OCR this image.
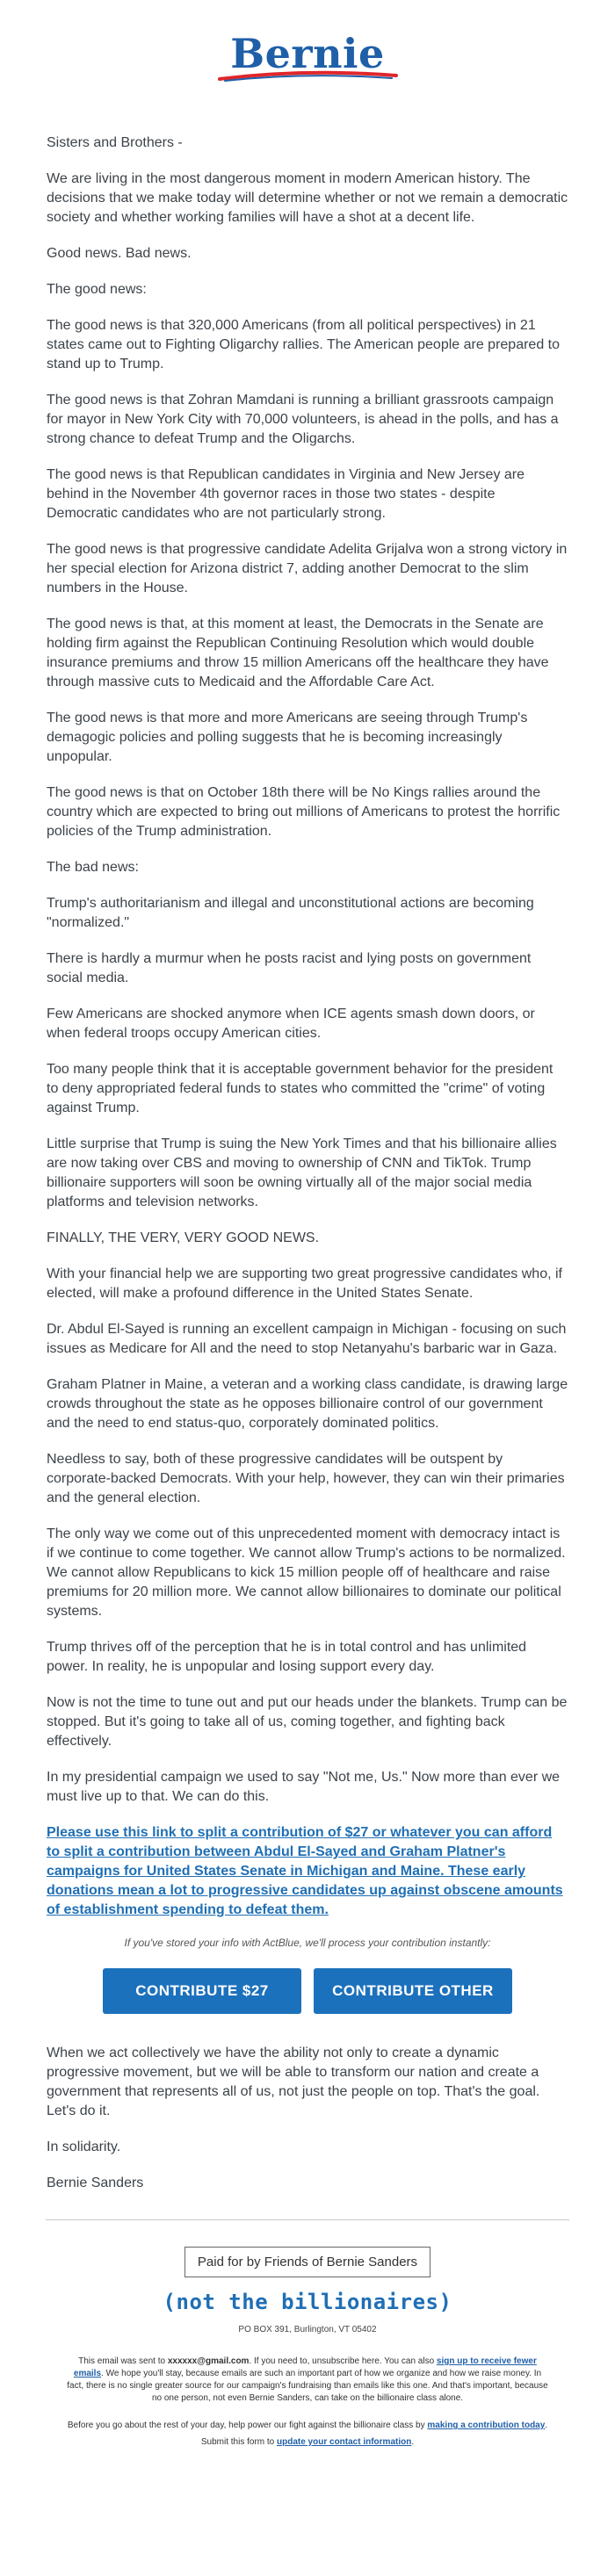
Bernie

Sisters and Brothers -

We are living in the most dangerous moment in modern American history. The decisions that we make today will determine whether or not we remain a democratic society and whether working families will have a shot at a decent life.

Good news. Bad news.

The good news:

The good news is that 320,000 Americans (from all political perspectives) in 21 states came out to Fighting Oligarchy rallies. The American people are prepared to stand up to Trump.

The good news is that Zohran Mamdani is running a brilliant grassroots campaign for mayor in New York City with 70,000 volunteers, is ahead in the polls, and has a strong chance to defeat Trump and the Oligarchs.

The good news is that Republican candidates in Virginia and New Jersey are behind in the November 4th governor races in those two states - despite Democratic candidates who are not particularly strong.

The good news is that progressive candidate Adelita Grijalva won a strong victory in her special election for Arizona district 7, adding another Democrat to the slim numbers in the House.

The good news is that, at this moment at least, the Democrats in the Senate are holding firm against the Republican Continuing Resolution which would double insurance premiums and throw 15 million Americans off the healthcare they have through massive cuts to Medicaid and the Affordable Care Act.

The good news is that more and more Americans are seeing through Trump's demagogic policies and polling suggests that he is becoming increasingly unpopular.

The good news is that on October 18th there will be No Kings rallies around the country which are expected to bring out millions of Americans to protest the horrific policies of the Trump administration.

The bad news:

Trump's authoritarianism and illegal and unconstitutional actions are becoming "normalized."

There is hardly a murmur when he posts racist and lying posts on government social media.

Few Americans are shocked anymore when ICE agents smash down doors, or when federal troops occupy American cities.

Too many people think that it is acceptable government behavior for the president to deny appropriated federal funds to states who committed the "crime" of voting against Trump.

Little surprise that Trump is suing the New York Times and that his billionaire allies are now taking over CBS and moving to ownership of CNN and TikTok. Trump billionaire supporters will soon be owning virtually all of the major social media platforms and television networks.

FINALLY, THE VERY, VERY GOOD NEWS.

With your financial help we are supporting two great progressive candidates who, if elected, will make a profound difference in the United States Senate.

Dr. Abdul El-Sayed is running an excellent campaign in Michigan - focusing on such issues as Medicare for All and the need to stop Netanyahu's barbaric war in Gaza.

Graham Platner in Maine, a veteran and a working class candidate, is drawing large crowds throughout the state as he opposes billionaire control of our government and the need to end status-quo, corporately dominated politics.

Needless to say, both of these progressive candidates will be outspent by corporate-backed Democrats. With your help, however, they can win their primaries and the general election.

The only way we come out of this unprecedented moment with democracy intact is if we continue to come together. We cannot allow Trump's actions to be normalized. We cannot allow Republicans to kick 15 million people off of healthcare and raise premiums for 20 million more. We cannot allow billionaires to dominate our political systems.

Trump thrives off of the perception that he is in total control and has unlimited power. In reality, he is unpopular and losing support every day.

Now is not the time to tune out and put our heads under the blankets. Trump can be stopped. But it's going to take all of us, coming together, and fighting back effectively.

In my presidential campaign we used to say "Not me, Us." Now more than ever we must live up to that. We can do this.

Please use this link to split a contribution of $27 or whatever you can afford to split a contribution between Abdul El-Sayed and Graham Platner's campaigns for United States Senate in Michigan and Maine. These early donations mean a lot to progressive candidates up against obscene amounts of establishment spending to defeat them.

If you've stored your info with ActBlue, we'll process your contribution instantly:
CONTRIBUTE $27	CONTRIBUTE OTHER

When we act collectively we have the ability not only to create a dynamic progressive movement, but we will be able to transform our nation and create a government that represents all of us, not just the people on top. That's the goal. Let's do it.

In solidarity.

Bernie Sanders

Paid for by Friends of Bernie Sanders
(not the billionaires)
PO BOX 391, Burlington, VT 05402
This email was sent to xxxxxx@gmail.com. If you need to, unsubscribe here. You can also sign up to receive fewer emails. We hope you'll stay, because emails are such an important part of how we organize and how we raise money. In fact, there is no single greater source for our campaign's fundraising than emails like this one. And that's important, because no one person, not even Bernie Sanders, can take on the billionaire class alone.
Before you go about the rest of your day, help power our fight against the billionaire class by making a contribution today.
Submit this form to update your contact information.
